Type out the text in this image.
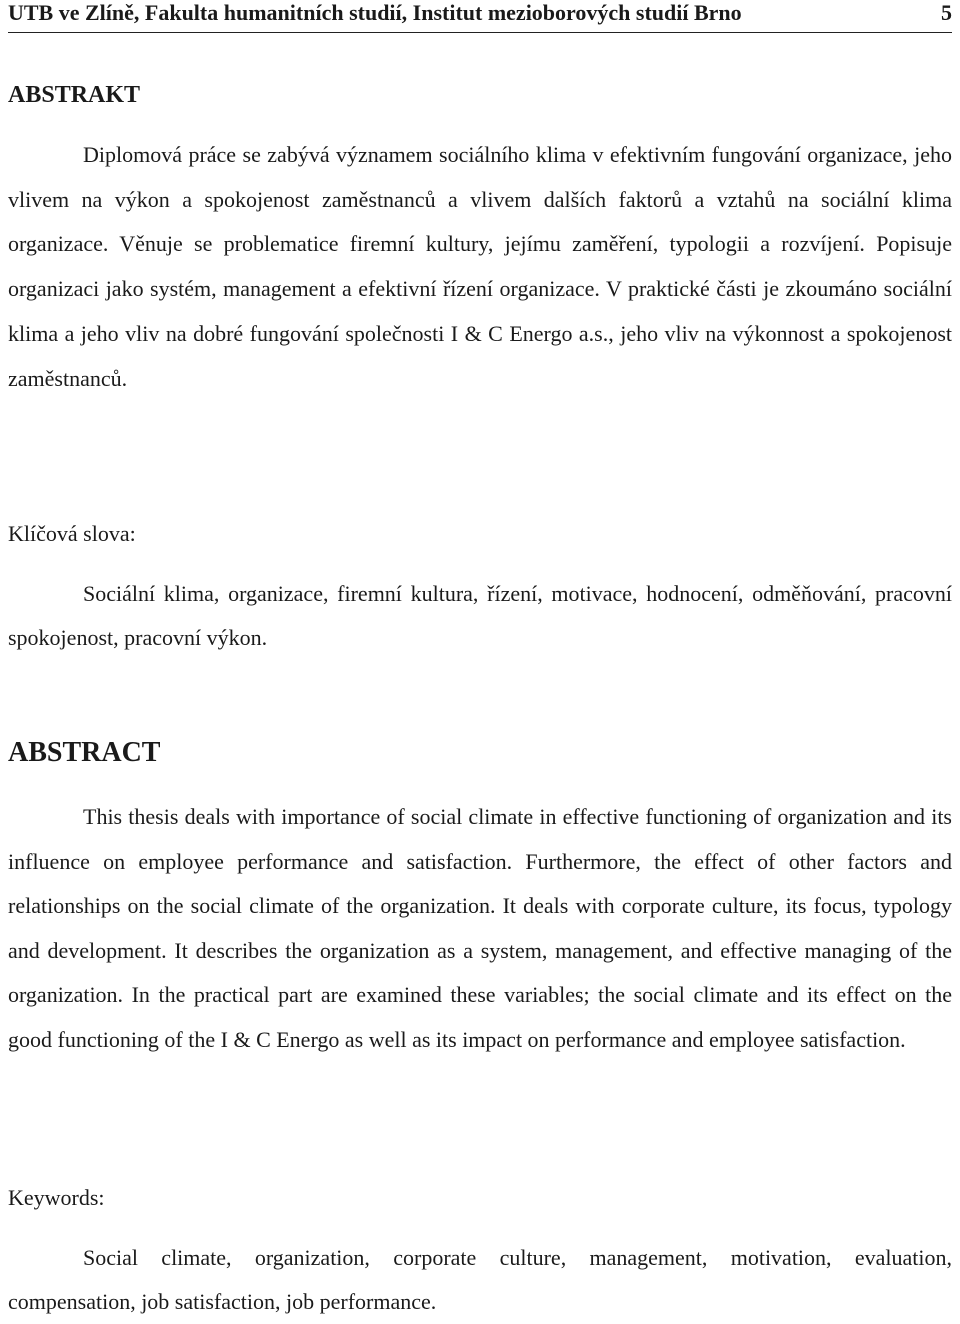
UTB ve Zlíně, Fakulta humanitních studií, Institut mezioborových studií Brno	5
ABSTRAKT

Diplomová práce se zabývá významem sociálního klima v efektivním fungování organizace, jeho vlivem na výkon a spokojenost zaměstnanců a vlivem dalších faktorů a vztahů na sociální klima organizace. Věnuje se problematice firemní kultury, jejímu zaměření, typologii a rozvíjení. Popisuje organizaci jako systém, management a efektivní řízení organizace. V praktické části je zkoumáno sociální klima a jeho vliv na dobré fungování společnosti I & C Energo a.s., jeho vliv na výkonnost a spokojenost zaměstnanců.

Klíčová slova:

Sociální klima, organizace, firemní kultura, řízení, motivace, hodnocení, odměňování, pracovní spokojenost, pracovní výkon.

ABSTRACT

This thesis deals with importance of social climate in effective functioning of organization and its influence on employee performance and satisfaction. Furthermore, the effect of other factors and relationships on the social climate of the organization. It deals with corporate culture, its focus, typology and development. It describes the organization as a system, management, and effective managing of the organization. In the practical part are examined these variables; the social climate and its effect on the good functioning of the I & C Energo as well as its impact on performance and employee satisfaction.

Keywords:

Social climate, organization, corporate culture, management, motivation, evaluation, compensation, job satisfaction, job performance.
